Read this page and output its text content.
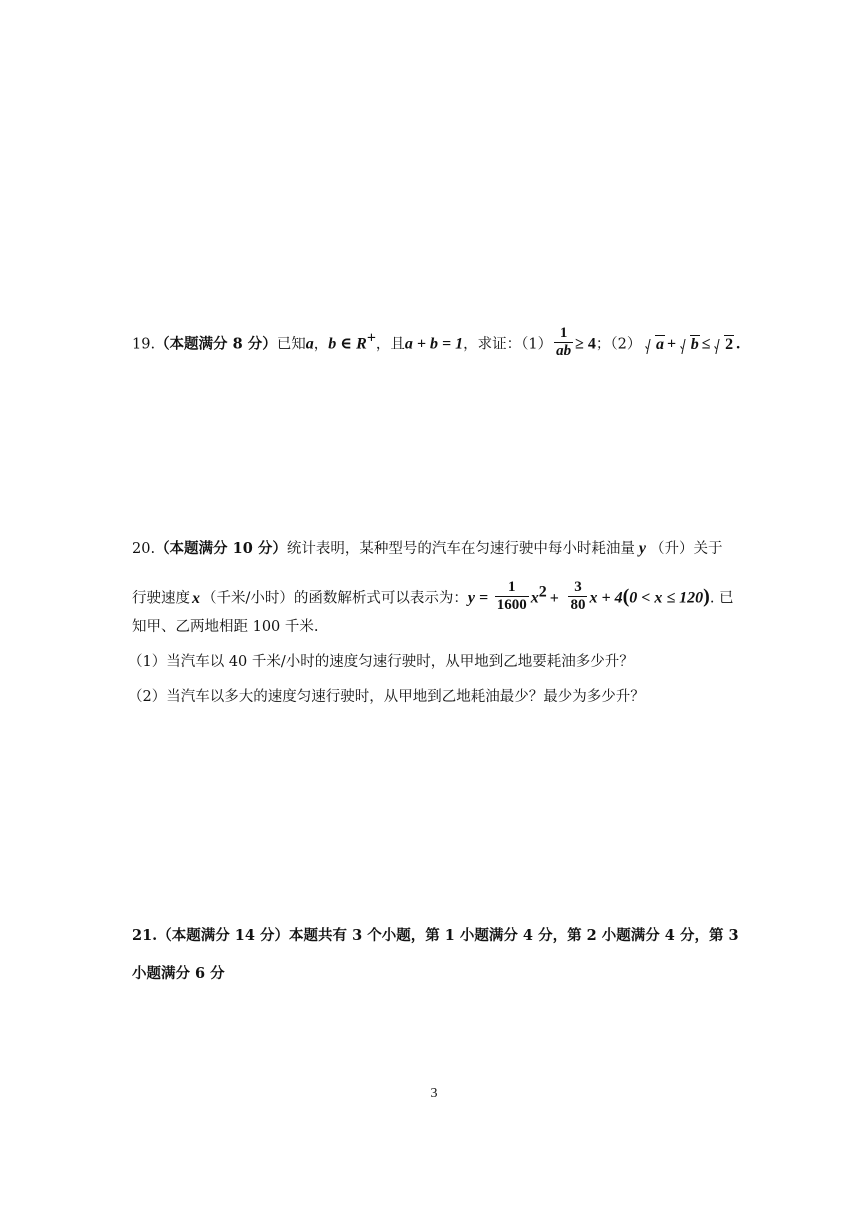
19.（本题满分 8 分）已知a，b ∈ R+，且a + b = 1，求证：$(1) \frac{1}{ab} \ge 4$；（2） a + b ≤ 2 .
20.（本题满分 10 分）统计表明，某种型号的汽车在匀速行驶中每小时耗油量 y （升）关于
行驶速度 x （千米/小时）的函数解析式可以表示为：$y = \frac{1}{1600} x^2 + \frac{3}{80}$ x + 4(0 < x ≤ 120). 已
知甲、乙两地相距 100 千米.
（1）当汽车以 40 千米/小时的速度匀速行驶时，从甲地到乙地要耗油多少升？
（2）当汽车以多大的速度匀速行驶时，从甲地到乙地耗油最少？最少为多少升？
21.（本题满分 14 分）本题共有 3 个小题，第 1 小题满分 4 分，第 2 小题满分 4 分，第 3
小题满分 6 分
3
